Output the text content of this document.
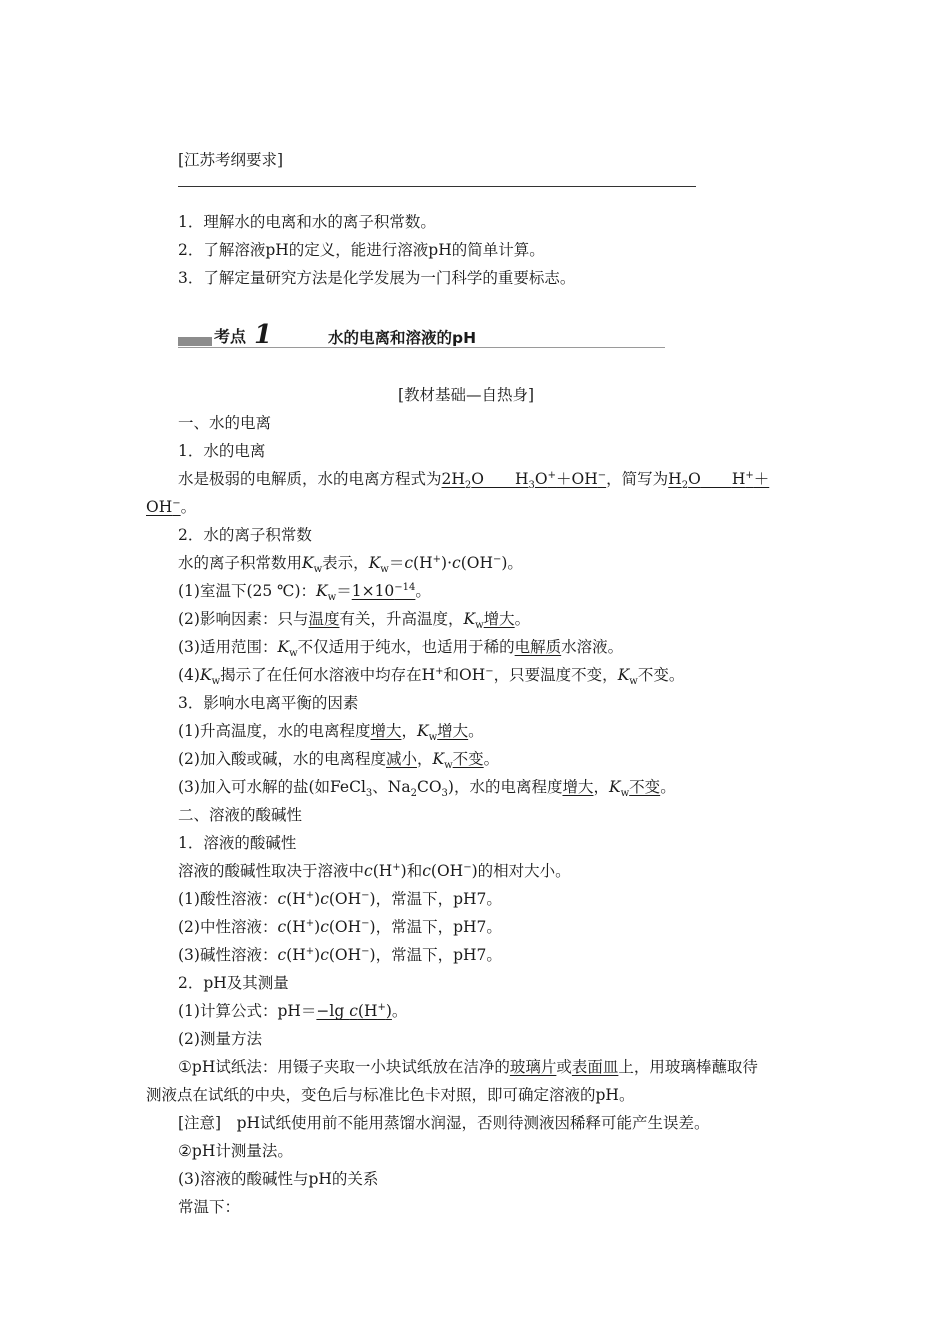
[江苏考纲要求]
1．理解水的电离和水的离子积常数。
2．了解溶液pH的定义，能进行溶液pH的简单计算。
3．了解定量研究方法是化学发展为一门科学的重要标志。
考点 1	水的电离和溶液的pH
[教材基础—自热身]
一、水的电离
1．水的电离
水是极弱的电解质，水的电离方程式为$2H_2O$　　 $H_3O^++OH^-$，简写为$H_2O$　　 H+＋
OH−。
2．水的离子积常数
水的离子积常数用$K_w$表示，$K_w=c(H^+)\cdot c(OH^-)$。
(1)室温下(25 ℃)：$K_w=1\times 10^{-14}$。
(2)影响因素：只与温度有关，升高温度，$K_w$增大。
(3)适用范围：$K_w$不仅适用于纯水，也适用于稀的电解质水溶液。
$(4)K_w$揭示了在任何水溶液中均存在H+和OH−，只要温度不变，$K_w$不变。
3．影响水电离平衡的因素
(1)升高温度，水的电离程度增大，$K_w$增大。
(2)加入酸或碱，水的电离程度减小，$K_w$不变。
(3)加入可水解的盐(如FeCl$_3$、$Na_2CO_3$)，水的电离程度增大，$K_w$不变。
二、溶液的酸碱性
1．溶液的酸碱性
溶液的酸碱性取决于溶液中c(H+)和c(OH−)的相对大小。
(1)酸性溶液：c(H+)c(OH−)，常温下，pH7。
(2)中性溶液：c(H+)c(OH−)，常温下，pH7。
(3)碱性溶液：c(H+)c(OH−)，常温下，pH7。
2．pH及其测量
(1)计算公式：pH＝−lg c(H+)。
(2)测量方法
①pH试纸法：用镊子夹取一小块试纸放在洁净的玻璃片或表面皿上，用玻璃棒蘸取待
测液点在试纸的中央，变色后与标准比色卡对照，即可确定溶液的pH。
[注意]　pH试纸使用前不能用蒸馏水润湿，否则待测液因稀释可能产生误差。
②pH计测量法。
(3)溶液的酸碱性与pH的关系
常温下：
